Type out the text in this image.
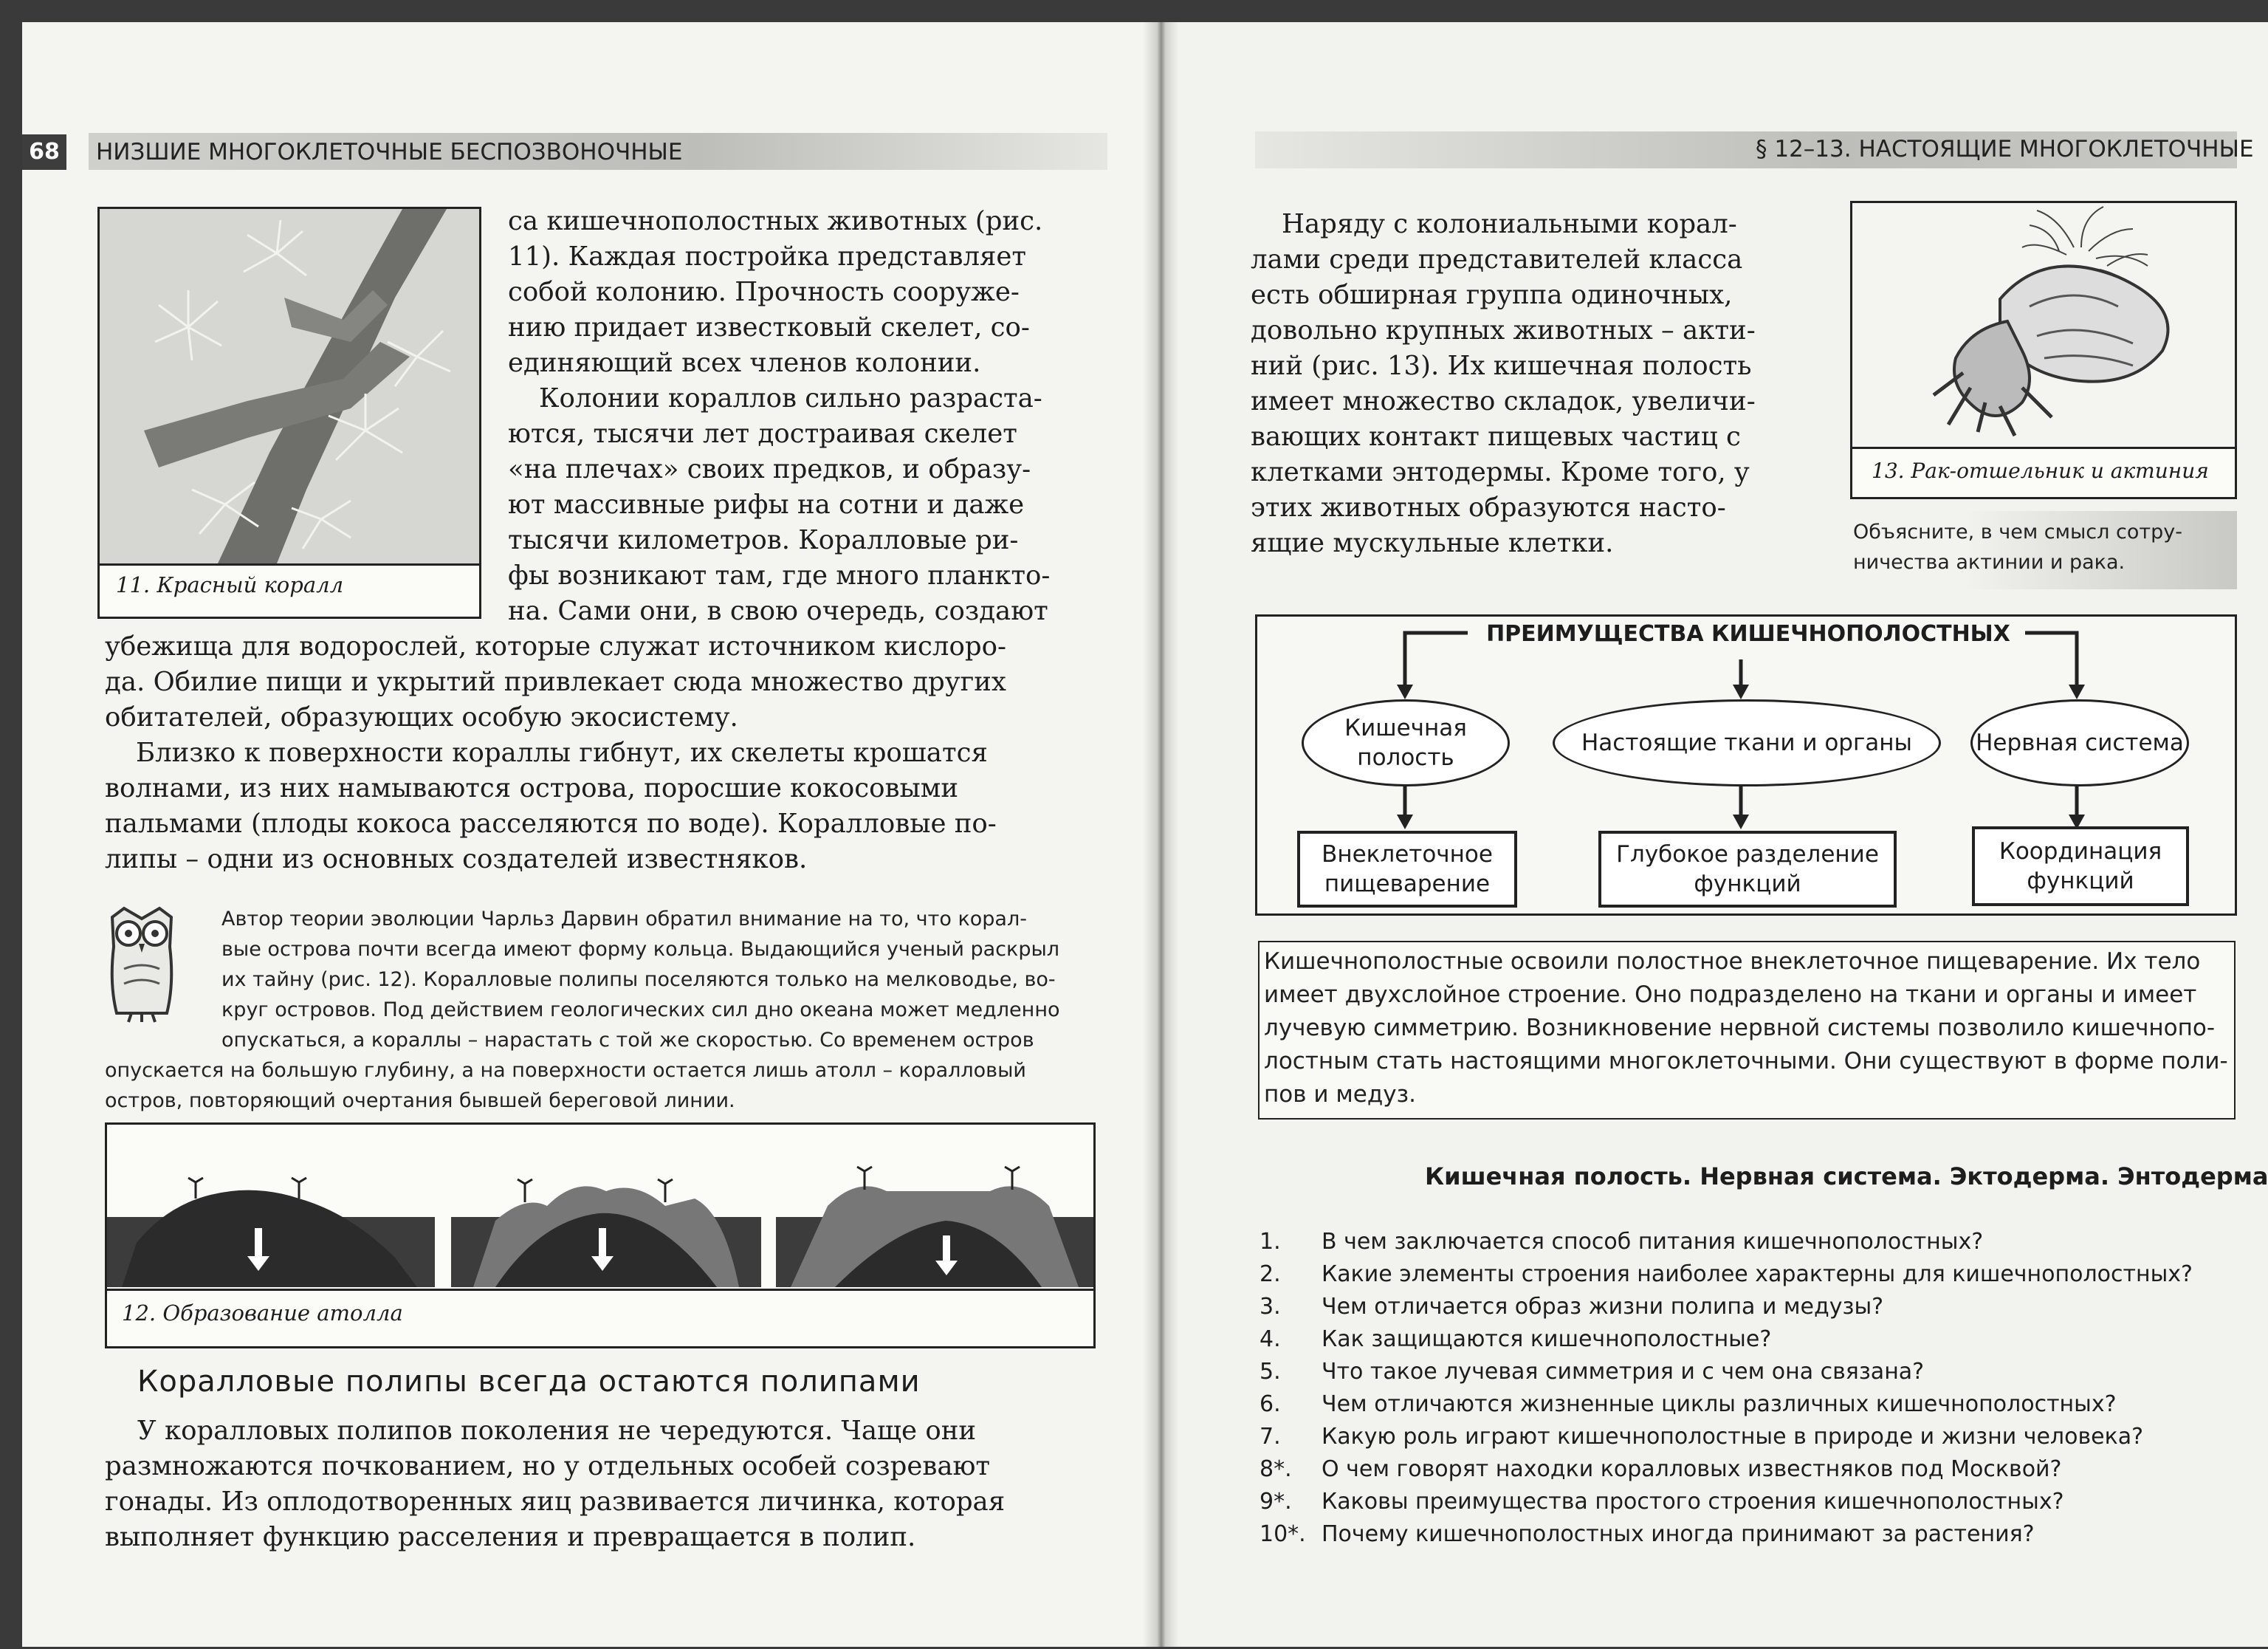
68 НИЗШИЕ МНОГОКЛЕТОЧНЫЕ БЕСПОЗВОНОЧНЫЕ
11. Красный коралл
са кишечнополостных животных (рис.
11). Каждая постройка представляет
собой колонию. Прочность сооруже-
нию придает известковый скелет, со-
единяющий всех членов колонии.
Колонии кораллов сильно разраста-
ются, тысячи лет достраивая скелет
«на плечах» своих предков, и образу-
ют массивные рифы на сотни и даже
тысячи километров. Коралловые ри-
фы возникают там, где много планкто-
на. Сами они, в свою очередь, создают
убежища для водорослей, которые служат источником кислоро-
да. Обилие пищи и укрытий привлекает сюда множество других
обитателей, образующих особую экосистему.
Близко к поверхности кораллы гибнут, их скелеты крошатся
волнами, из них намываются острова, поросшие кокосовыми
пальмами (плоды кокоса расселяются по воде). Коралловые по-
липы – одни из основных создателей известняков.
Автор теории эволюции Чарльз Дарвин обратил внимание на то, что корал-
вые острова почти всегда имеют форму кольца. Выдающийся ученый раскрыл
их тайну (рис. 12). Коралловые полипы поселяются только на мелководье, во-
круг островов. Под действием геологических сил дно океана может медленно
опускаться, а кораллы – нарастать с той же скоростью. Со временем остров
опускается на большую глубину, а на поверхности остается лишь атолл – коралловый
остров, повторяющий очертания бывшей береговой линии.
12. Образование атолла
Коралловые полипы всегда остаются полипами
У коралловых полипов поколения не чередуются. Чаще они
размножаются почкованием, но у отдельных особей созревают
гонады. Из оплодотворенных яиц развивается личинка, которая
выполняет функцию расселения и превращается в полип.
§ 12–13. НАСТОЯЩИЕ МНОГОКЛЕТОЧНЫЕ
Наряду с колониальными корал-
лами среди представителей класса
есть обширная группа одиночных,
довольно крупных животных – акти-
ний (рис. 13). Их кишечная полость
имеет множество складок, увеличи-
вающих контакт пищевых частиц с
клетками энтодермы. Кроме того, у
этих животных образуются насто-
ящие мускульные клетки.
13. Рак-отшельник и актиния
Объясните, в чем смысл сотру-
ничества актинии и рака.
ПРЕИМУЩЕСТВА КИШЕЧНОПОЛОСТНЫХ
Кишечная полость
Настоящие ткани и органы	Нервная система
Внеклеточное пищеварение
Глубокое разделение функций
Координация функций
Кишечнополостные освоили полостное внеклеточное пищеварение. Их тело
имеет двухслойное строение. Оно подразделено на ткани и органы и имеет
лучевую симметрию. Возникновение нервной системы позволило кишечнопо-
лостным стать настоящими многоклеточными. Они существуют в форме поли-
пов и медуз.
Кишечная полость. Нервная система. Эктодерма. Энтодерма
1. В чем заключается способ питания кишечнополостных?
2. Какие элементы строения наиболее характерны для кишечнополостных?
3. Чем отличается образ жизни полипа и медузы?
4. Как защищаются кишечнополостные?
5. Что такое лучевая симметрия и с чем она связана?
6. Чем отличаются жизненные циклы различных кишечнополостных?
7. Какую роль играют кишечнополостные в природе и жизни человека?
8*. О чем говорят находки коралловых известняков под Москвой?
9*. Каковы преимущества простого строения кишечнополостных?
10*. Почему кишечнополостных иногда принимают за растения?
